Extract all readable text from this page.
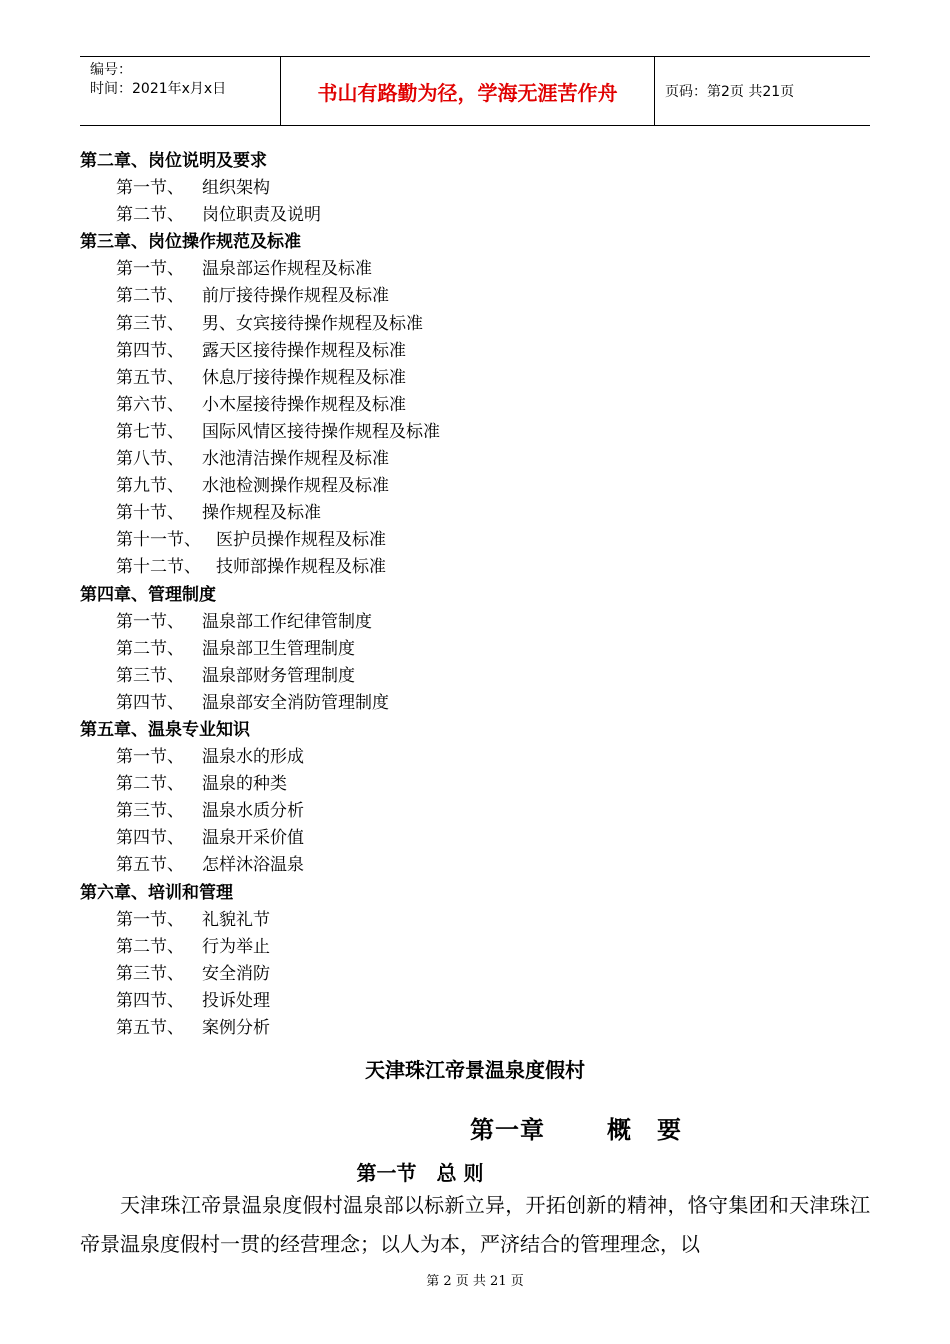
编号：
时间：2021年x月x日	书山有路勤为径，学海无涯苦作舟	页码：第2页 共21页
第二章、岗位说明及要求
第一节、 组织架构
第二节、 岗位职责及说明
第三章、岗位操作规范及标准
第一节、 温泉部运作规程及标准
第二节、 前厅接待操作规程及标准
第三节、 男、女宾接待操作规程及标准
第四节、 露天区接待操作规程及标准
第五节、 休息厅接待操作规程及标准
第六节、 小木屋接待操作规程及标准
第七节、 国际风情区接待操作规程及标准
第八节、 水池清洁操作规程及标准
第九节、 水池检测操作规程及标准
第十节、 操作规程及标准
第十一节、 医护员操作规程及标准
第十二节、 技师部操作规程及标准
第四章、管理制度
第一节、 温泉部工作纪律管制度
第二节、 温泉部卫生管理制度
第三节、 温泉部财务管理制度
第四节、 温泉部安全消防管理制度
第五章、温泉专业知识
第一节、 温泉水的形成
第二节、 温泉的种类
第三节、 温泉水质分析
第四节、 温泉开采价值
第五节、 怎样沐浴温泉
第六章、培训和管理
第一节、 礼貌礼节
第二节、 行为举止
第三节、 安全消防
第四节、 投诉处理
第五节、 案例分析
天津珠江帝景温泉度假村
第一章	概　要
第一节　总 则
天津珠江帝景温泉度假村温泉部以标新立异，开拓创新的精神，恪守集团和天津珠江帝景温泉度假村一贯的经营理念；以人为本，严济结合的管理理念，以
第 2 页 共 21 页
